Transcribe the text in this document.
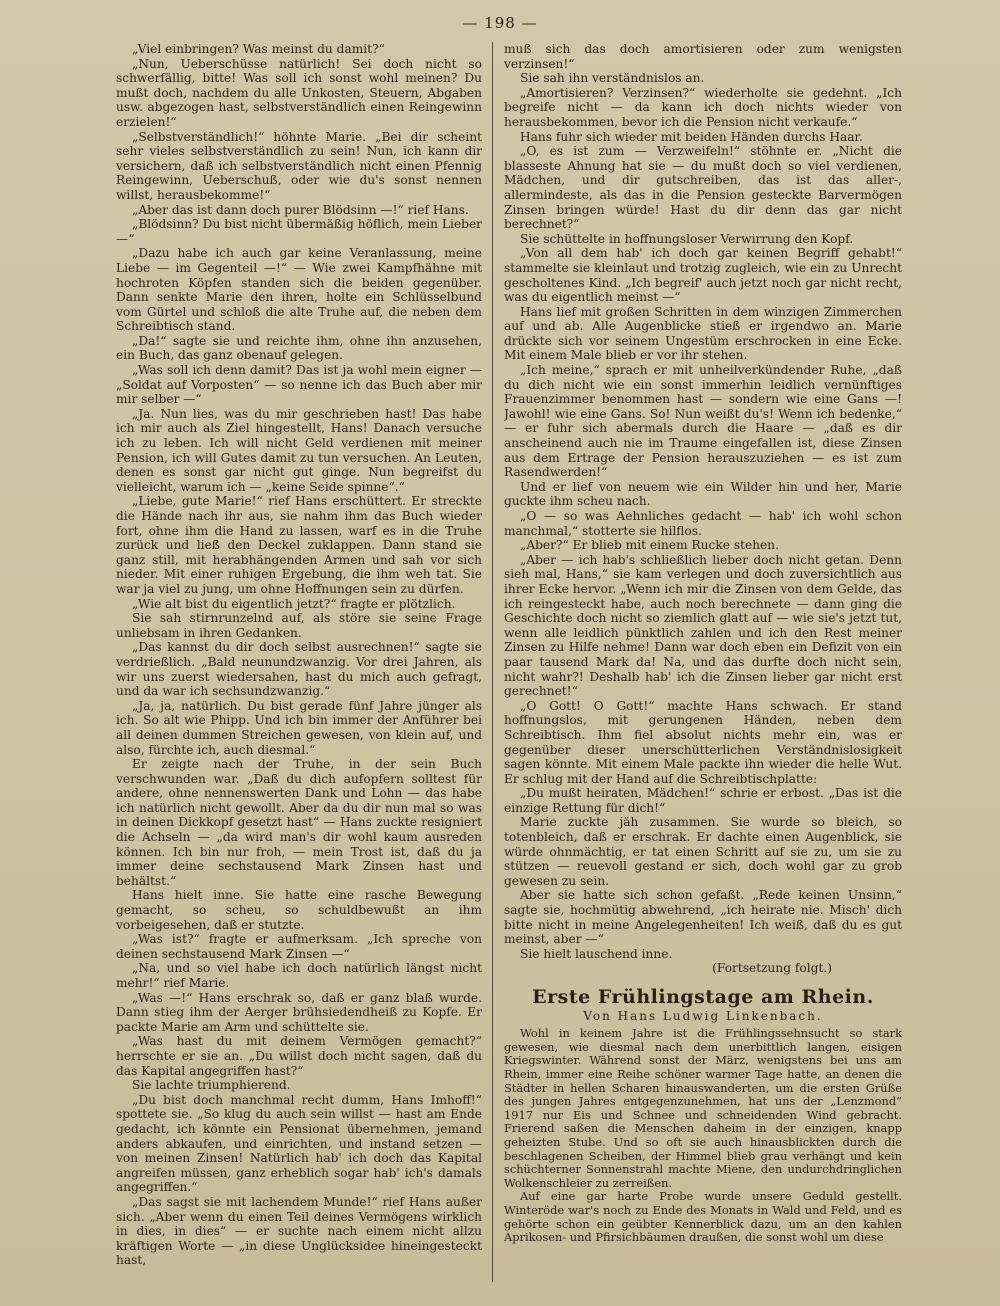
— 198 —

„Viel einbringen? Was meinst du damit?“

„Nun, Ueberschüsse natürlich! Sei doch nicht so schwerfällig, bitte! Was soll ich sonst wohl meinen? Du mußt doch, nachdem du alle Unkosten, Steuern, Abgaben usw. abgezogen hast, selbstverständlich einen Reingewinn erzielen!“

„Selbstverständlich!“ höhnte Marie. „Bei dir scheint sehr vieles selbstverständlich zu sein! Nun, ich kann dir versichern, daß ich selbstverständlich nicht einen Pfennig Reingewinn, Ueberschuß, oder wie du's sonst nennen willst, herausbekomme!“

„Aber das ist dann doch purer Blödsinn —!“ rief Hans.

„Blödsinn? Du bist nicht übermäßig höflich, mein Lieber —“

„Dazu habe ich auch gar keine Veranlassung, meine Liebe — im Gegenteil —!“ — Wie zwei Kampfhähne mit hochroten Köpfen standen sich die beiden gegenüber. Dann senkte Marie den ihren, holte ein Schlüsselbund vom Gürtel und schloß die alte Truhe auf, die neben dem Schreibtisch stand.

„Da!“ sagte sie und reichte ihm, ohne ihn anzusehen, ein Buch, das ganz obenauf gelegen.

„Was soll ich denn damit? Das ist ja wohl mein eigner — „Soldat auf Vorposten“ — so nenne ich das Buch aber mir mir selber —“

„Ja. Nun lies, was du mir geschrieben hast! Das habe ich mir auch als Ziel hingestellt, Hans! Danach versuche ich zu leben. Ich will nicht Geld verdienen mit meiner Pension, ich will Gutes damit zu tun versuchen. An Leuten, denen es sonst gar nicht gut ginge. Nun begreifst du vielleicht, warum ich — „keine Seide spinne“.“

„Liebe, gute Marie!“ rief Hans erschüttert. Er streckte die Hände nach ihr aus, sie nahm ihm das Buch wieder fort, ohne ihm die Hand zu lassen, warf es in die Truhe zurück und ließ den Deckel zuklappen. Dann stand sie ganz still, mit herabhängenden Armen und sah vor sich nieder. Mit einer ruhigen Ergebung, die ihm weh tat. Sie war ja viel zu jung, um ohne Hoffnungen sein zu dürfen.

„Wie alt bist du eigentlich jetzt?“ fragte er plötzlich.

Sie sah stirnrunzelnd auf, als störe sie seine Frage unliebsam in ihren Gedanken.

„Das kannst du dir doch selbst ausrechnen!“ sagte sie verdrießlich. „Bald neunundzwanzig. Vor drei Jahren, als wir uns zuerst wiedersahen, hast du mich auch gefragt, und da war ich sechsundzwanzig.“

„Ja, ja, natürlich. Du bist gerade fünf Jahre jünger als ich. So alt wie Phipp. Und ich bin immer der Anführer bei all deinen dummen Streichen gewesen, von klein auf, und also, fürchte ich, auch diesmal.“

Er zeigte nach der Truhe, in der sein Buch verschwunden war. „Daß du dich aufopfern solltest für andere, ohne nennenswerten Dank und Lohn — das habe ich natürlich nicht gewollt. Aber da du dir nun mal so was in deinen Dickkopf gesetzt hast“ — Hans zuckte resigniert die Achseln — „da wird man's dir wohl kaum ausreden können. Ich bin nur froh, — mein Trost ist, daß du ja immer deine sechstausend Mark Zinsen hast und behältst.“

Hans hielt inne. Sie hatte eine rasche Bewegung gemacht, so scheu, so schuldbewußt an ihm vorbeigesehen, daß er stutzte.

„Was ist?“ fragte er aufmerksam. „Ich spreche von deinen sechstausend Mark Zinsen —“

„Na, und so viel habe ich doch natürlich längst nicht mehr!“ rief Marie.

„Was —!“ Hans erschrak so, daß er ganz blaß wurde. Dann stieg ihm der Aerger brühsiedendheiß zu Kopfe. Er packte Marie am Arm und schüttelte sie.

„Was hast du mit deinem Vermögen gemacht?“ herrschte er sie an. „Du willst doch nicht sagen, daß du das Kapital angegriffen hast?“

Sie lachte triumphierend.

„Du bist doch manchmal recht dumm, Hans Imhoff!“ spottete sie. „So klug du auch sein willst — hast am Ende gedacht, ich könnte ein Pensionat übernehmen, jemand anders abkaufen, und einrichten, und instand setzen — von meinen Zinsen! Natürlich hab' ich doch das Kapital angreifen müssen, ganz erheblich sogar hab' ich's damals angegriffen.“

„Das sagst sie mit lachendem Munde!“ rief Hans außer sich. „Aber wenn du einen Teil deines Vermögens wirklich in dies, in dies“ — er suchte nach einem nicht allzu kräftigen Worte — „in diese Unglücksidee hineingesteckt hast,

muß sich das doch amortisieren oder zum wenigsten verzinsen!“

Sie sah ihn verständnislos an.

„Amortisieren? Verzinsen?“ wiederholte sie gedehnt. „Ich begreife nicht — da kann ich doch nichts wieder von herausbekommen, bevor ich die Pension nicht verkaufe.“

Hans fuhr sich wieder mit beiden Händen durchs Haar.

„O, es ist zum — Verzweifeln!“ stöhnte er. „Nicht die blasseste Ahnung hat sie — du mußt doch so viel verdienen, Mädchen, und dir gutschreiben, das ist das aller-, allermindeste, als das in die Pension gesteckte Barvermögen Zinsen bringen würde! Hast du dir denn das gar nicht berechnet?“

Sie schüttelte in hoffnungsloser Verwirrung den Kopf.

„Von all dem hab' ich doch gar keinen Begriff gehabt!“ stammelte sie kleinlaut und trotzig zugleich, wie ein zu Unrecht gescholtenes Kind. „Ich begreif' auch jetzt noch gar nicht recht, was du eigentlich meinst —“

Hans lief mit großen Schritten in dem winzigen Zimmerchen auf und ab. Alle Augenblicke stieß er irgendwo an. Marie drückte sich vor seinem Ungestüm erschrocken in eine Ecke. Mit einem Male blieb er vor ihr stehen.

„Ich meine,“ sprach er mit unheilverkündender Ruhe, „daß du dich nicht wie ein sonst immerhin leidlich vernünftiges Frauenzimmer benommen hast — sondern wie eine Gans —! Jawohl! wie eine Gans. So! Nun weißt du's! Wenn ich bedenke,“ — er fuhr sich abermals durch die Haare — „daß es dir anscheinend auch nie im Traume eingefallen ist, diese Zinsen aus dem Ertrage der Pension herauszuziehen — es ist zum Rasendwerden!“

Und er lief von neuem wie ein Wilder hin und her, Marie guckte ihm scheu nach.

„O — so was Aehnliches gedacht — hab' ich wohl schon manchmal,“ stotterte sie hilflos.

„Aber?“ Er blieb mit einem Rucke stehen.

„Aber — ich hab's schließlich lieber doch nicht getan. Denn sieh mal, Hans,“ sie kam verlegen und doch zuversichtlich aus ihrer Ecke hervor. „Wenn ich mir die Zinsen von dem Gelde, das ich reingesteckt habe, auch noch berechnete — dann ging die Geschichte doch nicht so ziemlich glatt auf — wie sie's jetzt tut, wenn alle leidlich pünktlich zahlen und ich den Rest meiner Zinsen zu Hilfe nehme! Dann war doch eben ein Defizit von ein paar tausend Mark da! Na, und das durfte doch nicht sein, nicht wahr?! Deshalb hab' ich die Zinsen lieber gar nicht erst gerechnet!“

„O Gott! O Gott!“ machte Hans schwach. Er stand hoffnungslos, mit gerungenen Händen, neben dem Schreibtisch. Ihm fiel absolut nichts mehr ein, was er gegenüber dieser unerschütterlichen Verständnislosigkeit sagen könnte. Mit einem Male packte ihn wieder die helle Wut. Er schlug mit der Hand auf die Schreibtischplatte:

„Du mußt heiraten, Mädchen!“ schrie er erbost. „Das ist die einzige Rettung für dich!“

Marie zuckte jäh zusammen. Sie wurde so bleich, so totenbleich, daß er erschrak. Er dachte einen Augenblick, sie würde ohnmächtig, er tat einen Schritt auf sie zu, um sie zu stützen — reuevoll gestand er sich, doch wohl gar zu grob gewesen zu sein.

Aber sie hatte sich schon gefaßt. „Rede keinen Unsinn,“ sagte sie, hochmütig abwehrend, „ich heirate nie. Misch' dich bitte nicht in meine Angelegenheiten! Ich weiß, daß du es gut meinst, aber —“

Sie hielt lauschend inne.

(Fortsetzung folgt.)

Erste Frühlingstage am Rhein.
Von Hans Ludwig Linkenbach.

Wohl in keinem Jahre ist die Frühlingssehnsucht so stark gewesen, wie diesmal nach dem unerbittlich langen, eisigen Kriegswinter. Während sonst der März, wenigstens bei uns am Rhein, immer eine Reihe schöner warmer Tage hatte, an denen die Städter in hellen Scharen hinauswanderten, um die ersten Grüße des jungen Jahres entgegenzunehmen, hat uns der „Lenzmond“ 1917 nur Eis und Schnee und schneidenden Wind gebracht. Frierend saßen die Menschen daheim in der einzigen, knapp geheizten Stube. Und so oft sie auch hinausblickten durch die beschlagenen Scheiben, der Himmel blieb grau verhängt und kein schüchterner Sonnenstrahl machte Miene, den undurchdringlichen Wolkenschleier zu zerreißen.

Auf eine gar harte Probe wurde unsere Geduld gestellt. Winteröde war's noch zu Ende des Monats in Wald und Feld, und es gehörte schon ein geübter Kennerblick dazu, um an den kahlen Aprikosen- und Pfirsichbäumen draußen, die sonst wohl um diese
